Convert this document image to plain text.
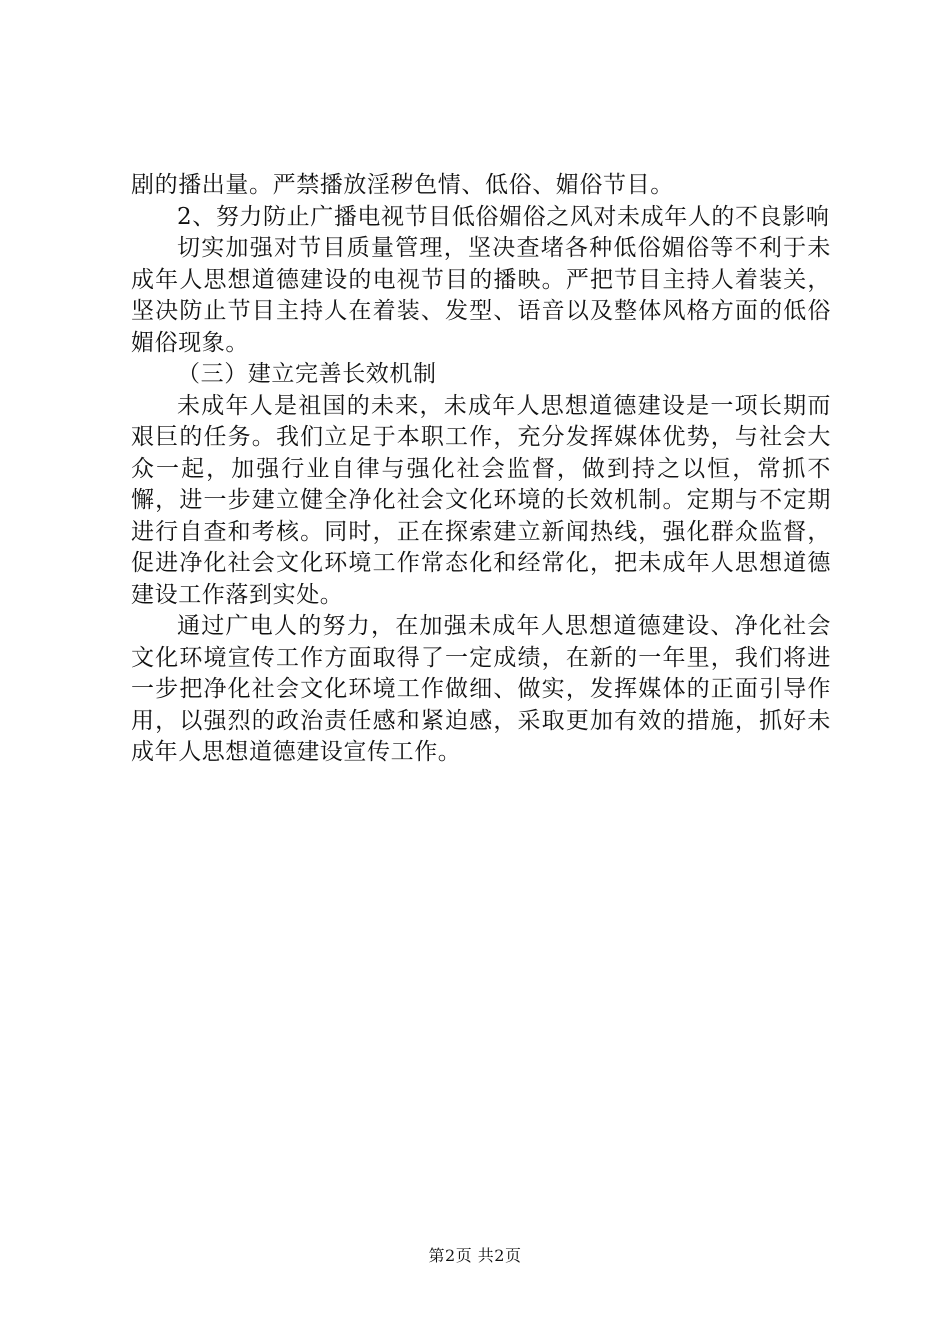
剧的播出量。严禁播放淫秽色情、低俗、媚俗节目。

2、努力防止广播电视节目低俗媚俗之风对未成年人的不良影响

切实加强对节目质量管理，坚决查堵各种低俗媚俗等不利于未成年人思想道德建设的电视节目的播映。严把节目主持人着装关，坚决防止节目主持人在着装、发型、语音以及整体风格方面的低俗媚俗现象。

（三）建立完善长效机制

未成年人是祖国的未来，未成年人思想道德建设是一项长期而艰巨的任务。我们立足于本职工作，充分发挥媒体优势，与社会大众一起，加强行业自律与强化社会监督，做到持之以恒，常抓不懈，进一步建立健全净化社会文化环境的长效机制。定期与不定期进行自查和考核。同时，正在探索建立新闻热线，强化群众监督，促进净化社会文化环境工作常态化和经常化，把未成年人思想道德建设工作落到实处。

通过广电人的努力，在加强未成年人思想道德建设、净化社会文化环境宣传工作方面取得了一定成绩，在新的一年里，我们将进一步把净化社会文化环境工作做细、做实，发挥媒体的正面引导作用，以强烈的政治责任感和紧迫感，采取更加有效的措施，抓好未成年人思想道德建设宣传工作。

第2页 共2页
